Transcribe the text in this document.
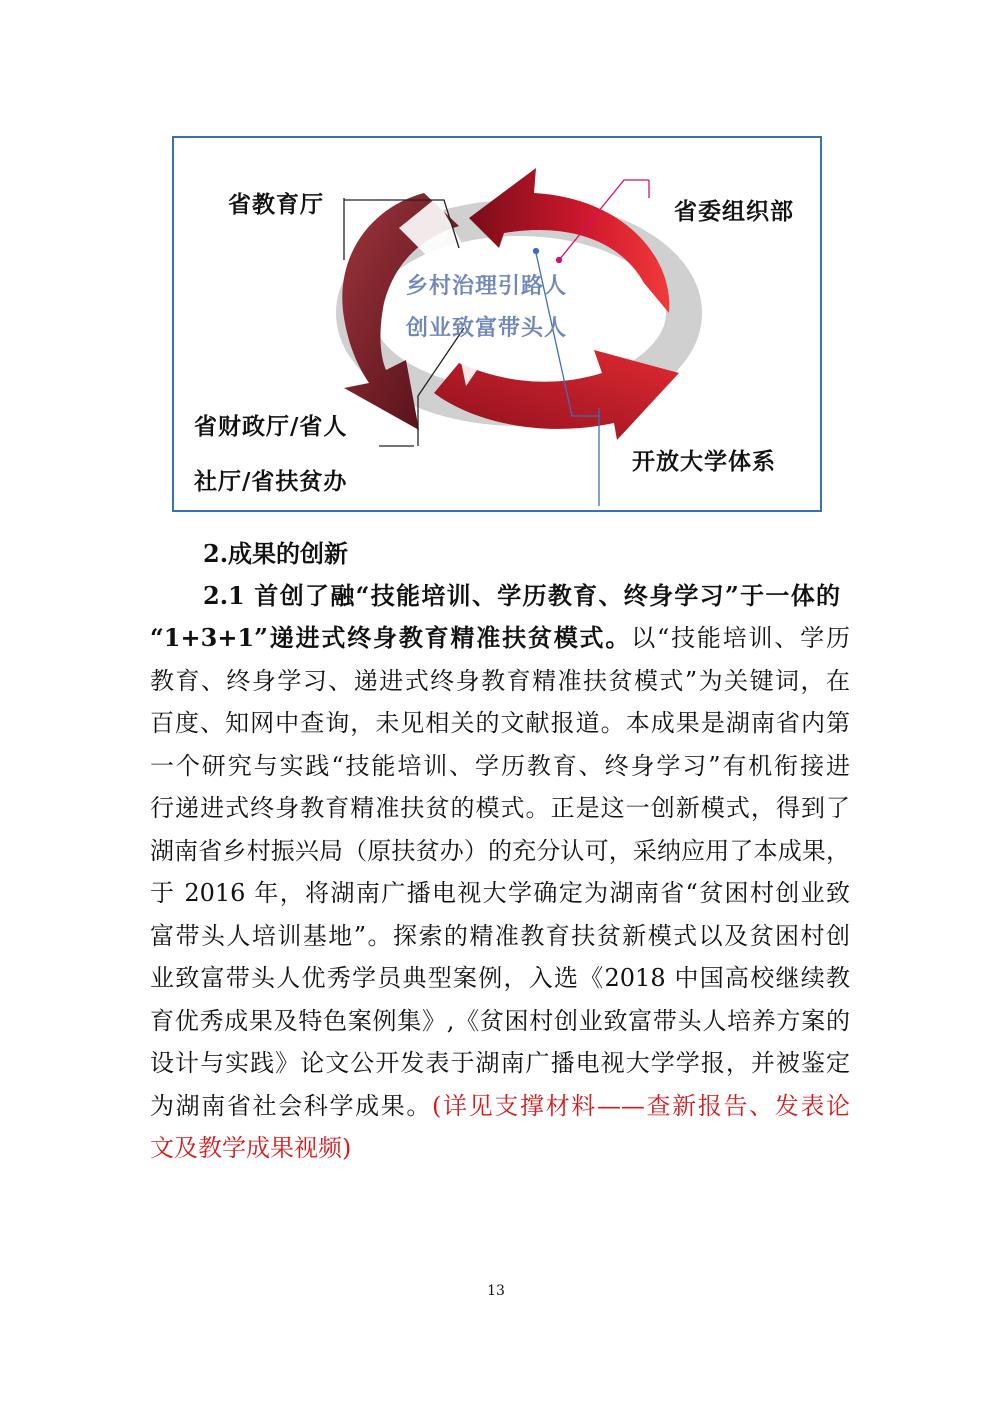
省教育厅	省委组织部
省财政厅/省人
社厅/省扶贫办
开放大学体系
乡村治理引路人
创业致富带头人
2.成果的创新
2.1 首创了融“技能培训、学历教育、终身学习”于一体的
“1+3+1”递进式终身教育精准扶贫模式。以“技能培训、学历
教育、终身学习、递进式终身教育精准扶贫模式”为关键词，在
百度、知网中查询，未见相关的文献报道。本成果是湖南省内第
一个研究与实践“技能培训、学历教育、终身学习”有机衔接进
行递进式终身教育精准扶贫的模式。正是这一创新模式，得到了
湖南省乡村振兴局（原扶贫办）的充分认可，采纳应用了本成果，
于 2016 年，将湖南广播电视大学确定为湖南省“贫困村创业致
富带头人培训基地”。探索的精准教育扶贫新模式以及贫困村创
业致富带头人优秀学员典型案例，入选《2018 中国高校继续教
育优秀成果及特色案例集》,《贫困村创业致富带头人培养方案的
设计与实践》论文公开发表于湖南广播电视大学学报，并被鉴定
为湖南省社会科学成果。(详见支撑材料——查新报告、发表论
文及教学成果视频)
13
